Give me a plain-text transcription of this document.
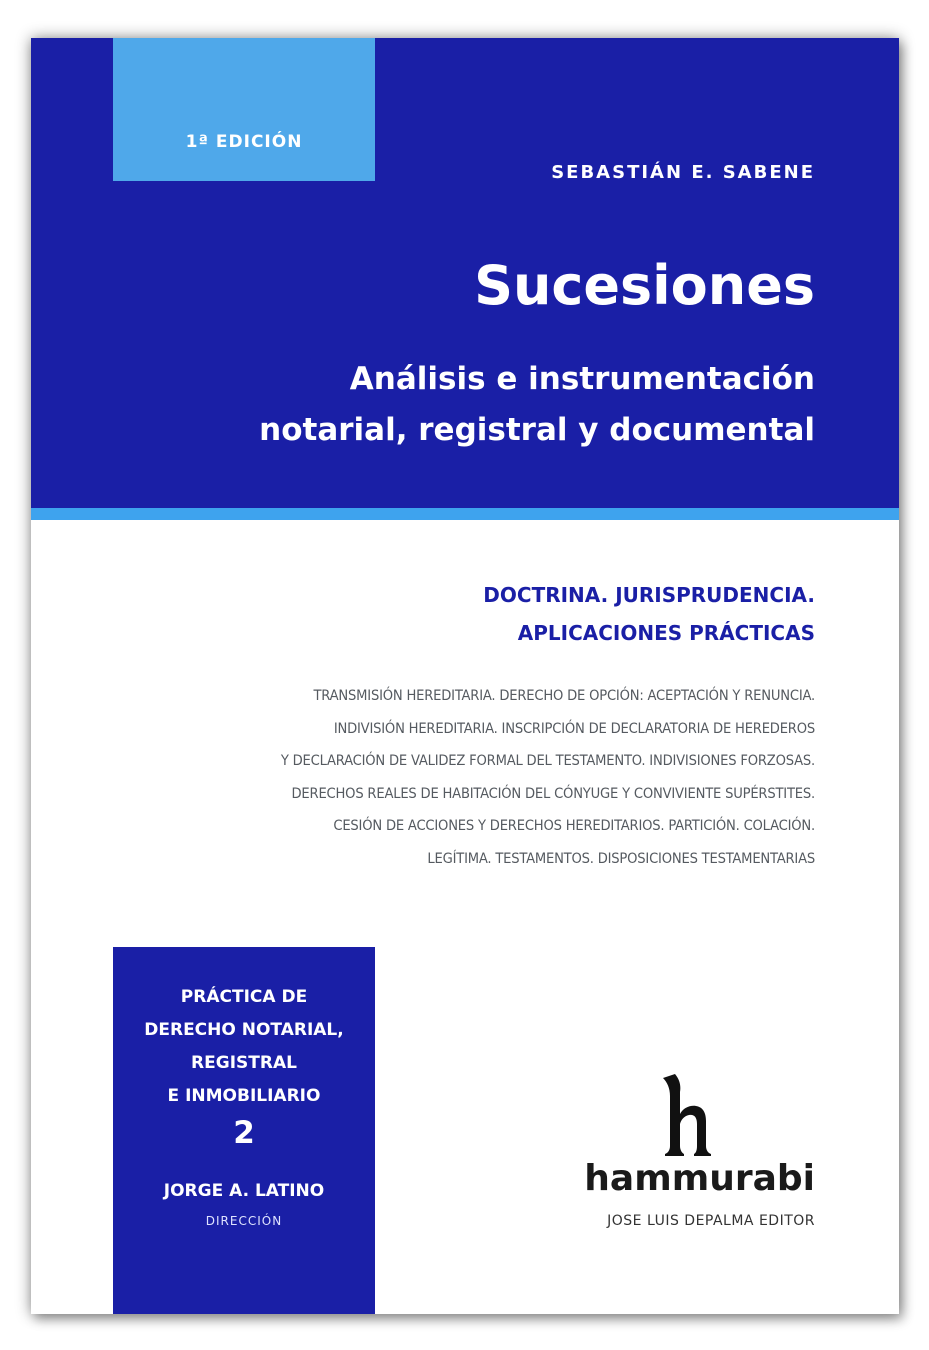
1ª EDICIÓN
SEBASTIÁN E. SABENE
Sucesiones
Análisis e instrumentación
notarial, registral y documental
DOCTRINA. JURISPRUDENCIA.
APLICACIONES PRÁCTICAS
TRANSMISIÓN HEREDITARIA. DERECHO DE OPCIÓN: ACEPTACIÓN Y RENUNCIA.
INDIVISIÓN HEREDITARIA. INSCRIPCIÓN DE DECLARATORIA DE HEREDEROS
Y DECLARACIÓN DE VALIDEZ FORMAL DEL TESTAMENTO. INDIVISIONES FORZOSAS.
DERECHOS REALES DE HABITACIÓN DEL CÓNYUGE Y CONVIVIENTE SUPÉRSTITES.
CESIÓN DE ACCIONES Y DERECHOS HEREDITARIOS. PARTICIÓN. COLACIÓN.
LEGÍTIMA. TESTAMENTOS. DISPOSICIONES TESTAMENTARIAS
PRÁCTICA DE
DERECHO NOTARIAL,
REGISTRAL
E INMOBILIARIO
2
JORGE A. LATINO
DIRECCIÓN
hammurabi
JOSE LUIS DEPALMA EDITOR
